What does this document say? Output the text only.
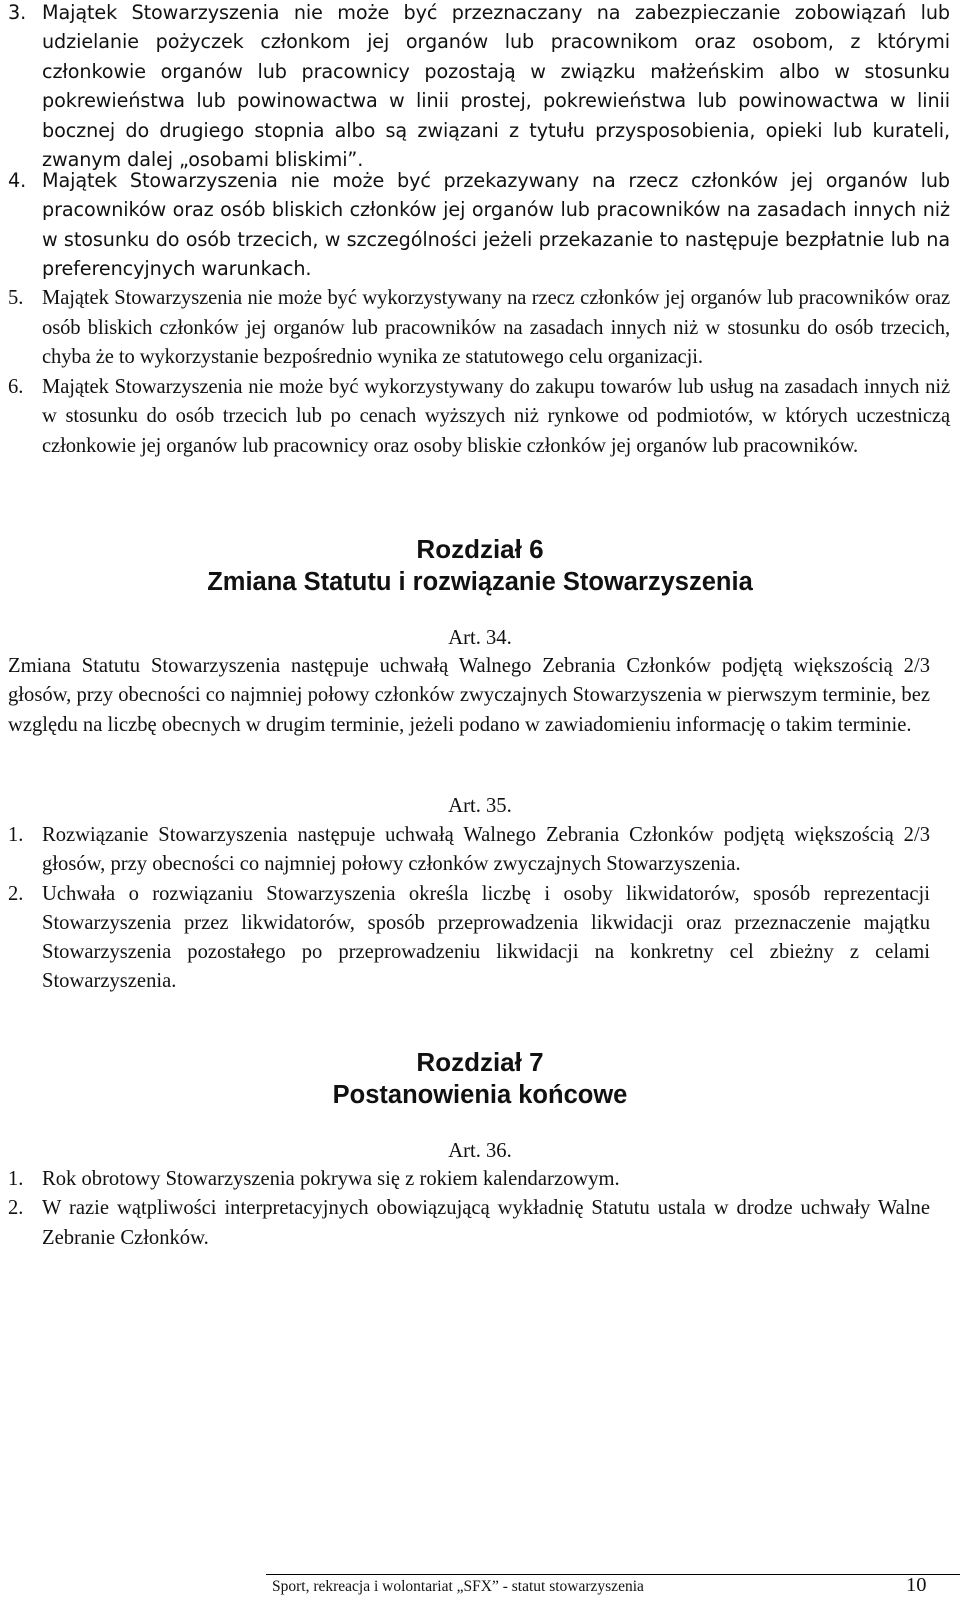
3. Majątek Stowarzyszenia nie może być przeznaczany na zabezpieczanie zobowiązań lub udzielanie pożyczek członkom jej organów lub pracownikom oraz osobom, z którymi członkowie organów lub pracownicy pozostają w związku małżeńskim albo w stosunku pokrewieństwa lub powinowactwa w linii prostej, pokrewieństwa lub powinowactwa w linii bocznej do drugiego stopnia albo są związani z tytułu przysposobienia, opieki lub kurateli, zwanym dalej „osobami bliskimi”.
4. Majątek Stowarzyszenia nie może być przekazywany na rzecz członków jej organów lub pracowników oraz osób bliskich członków jej organów lub pracowników na zasadach innych niż w stosunku do osób trzecich, w szczególności jeżeli przekazanie to następuje bezpłatnie lub na preferencyjnych warunkach.
5. Majątek Stowarzyszenia nie może być wykorzystywany na rzecz członków jej organów lub pracowników oraz osób bliskich członków jej organów lub pracowników na zasadach innych niż w stosunku do osób trzecich, chyba że to wykorzystanie bezpośrednio wynika ze statutowego celu organizacji.
6. Majątek Stowarzyszenia nie może być wykorzystywany do zakupu towarów lub usług na zasadach innych niż w stosunku do osób trzecich lub po cenach wyższych niż rynkowe od podmiotów, w których uczestniczą członkowie jej organów lub pracownicy oraz osoby bliskie członków jej organów lub pracowników.
Rozdział 6
Zmiana Statutu i rozwiązanie Stowarzyszenia
Art. 34.
Zmiana Statutu Stowarzyszenia następuje uchwałą Walnego Zebrania Członków podjętą większością 2/3 głosów, przy obecności co najmniej połowy członków zwyczajnych Stowarzyszenia w pierwszym terminie, bez względu na liczbę obecnych w drugim terminie, jeżeli podano w zawiadomieniu informację o takim terminie.
Art. 35.
1. Rozwiązanie Stowarzyszenia następuje uchwałą Walnego Zebrania Członków podjętą większością 2/3 głosów, przy obecności co najmniej połowy członków zwyczajnych Stowarzyszenia.
2. Uchwała o rozwiązaniu Stowarzyszenia określa liczbę i osoby likwidatorów, sposób reprezentacji Stowarzyszenia przez likwidatorów, sposób przeprowadzenia likwidacji oraz przeznaczenie majątku Stowarzyszenia pozostałego po przeprowadzeniu likwidacji na konkretny cel zbieżny z celami Stowarzyszenia.
Rozdział 7
Postanowienia końcowe
Art. 36.
1. Rok obrotowy Stowarzyszenia pokrywa się z rokiem kalendarzowym.
2. W razie wątpliwości interpretacyjnych obowiązującą wykładnię Statutu ustala w drodze uchwały Walne Zebranie Członków.
Sport, rekreacja i wolontariat „SFX” - statut stowarzyszenia	10
